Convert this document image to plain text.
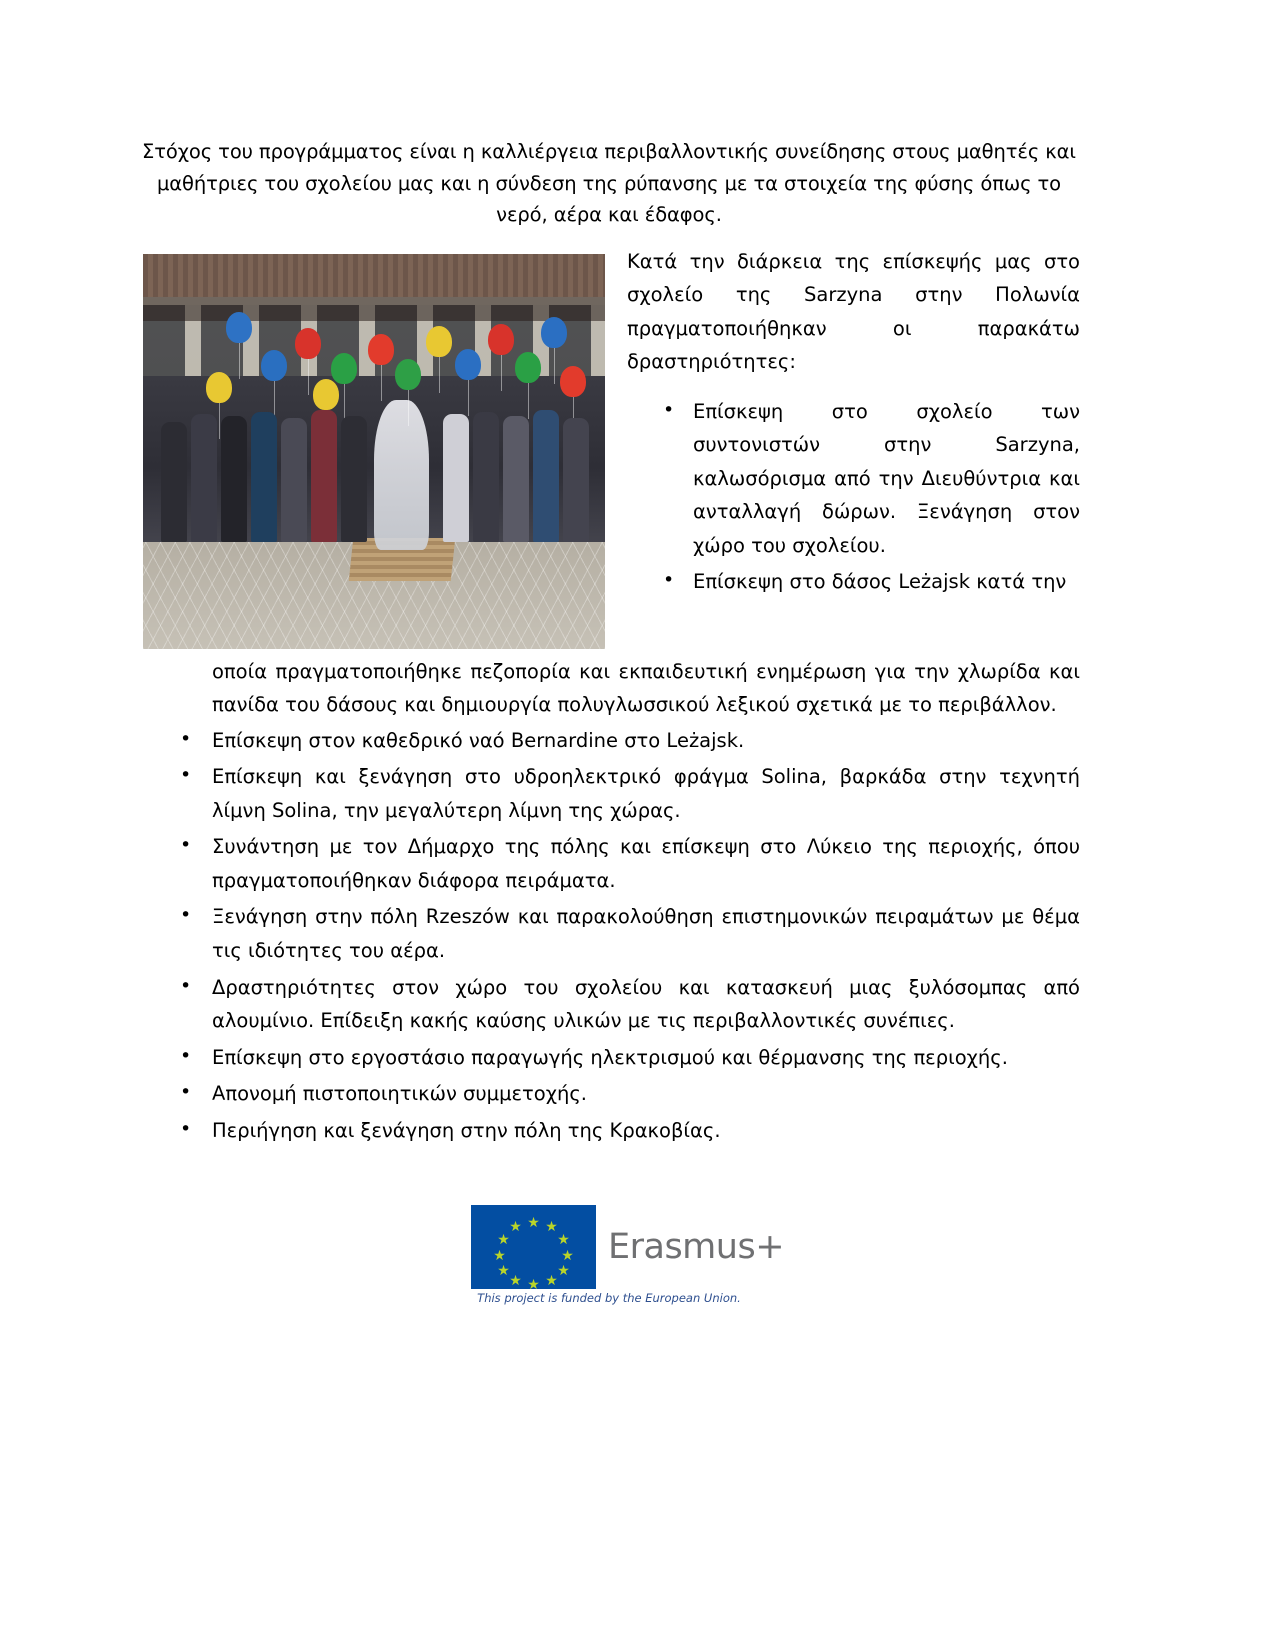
Στόχος του προγράμματος είναι η καλλιέργεια περιβαλλοντικής συνείδησης στους μαθητές και μαθήτριες του σχολείου μας και η σύνδεση της ρύπανσης με τα στοιχεία της φύσης όπως το νερό, αέρα και έδαφος.

Κατά την διάρκεια της επίσκεψής μας στο σχολείο της Sarzyna στην Πολωνία πραγματοποιήθηκαν οι παρακάτω δραστηριότητες:

• Επίσκεψη στο σχολείο των συντονιστών στην Sarzyna, καλωσόρισμα από την Διευθύντρια και ανταλλαγή δώρων. Ξενάγηση στον χώρο του σχολείου.
• Επίσκεψη στο δάσος Leżajsk κατά την

οποία πραγματοποιήθηκε πεζοπορία και εκπαιδευτική ενημέρωση για την χλωρίδα και πανίδα του δάσους και δημιουργία πολυγλωσσικού λεξικού σχετικά με το περιβάλλον.

• Επίσκεψη στον καθεδρικό ναό Bernardine στο Leżajsk.
• Επίσκεψη και ξενάγηση στο υδροηλεκτρικό φράγμα Solina, βαρκάδα στην τεχνητή λίμνη Solina, την μεγαλύτερη λίμνη της χώρας.
• Συνάντηση με τον Δήμαρχο της πόλης και επίσκεψη στο Λύκειο της περιοχής, όπου πραγματοποιήθηκαν διάφορα πειράματα.
• Ξενάγηση στην πόλη Rzeszów και παρακολούθηση επιστημονικών πειραμάτων με θέμα τις ιδιότητες του αέρα.
• Δραστηριότητες στον χώρο του σχολείου και κατασκευή μιας ξυλόσομπας από αλουμίνιο. Επίδειξη κακής καύσης υλικών με τις περιβαλλοντικές συνέπιες.
• Επίσκεψη στο εργοστάσιο παραγωγής ηλεκτρισμού και θέρμανσης της περιοχής.
• Απονομή πιστοποιητικών συμμετοχής.
• Περιήγηση και ξενάγηση στην πόλη της Κρακοβίας.
★ ★
★
★
★
★
★
★
★
★
★ ★
Erasmus+
This project is funded by the European Union.
